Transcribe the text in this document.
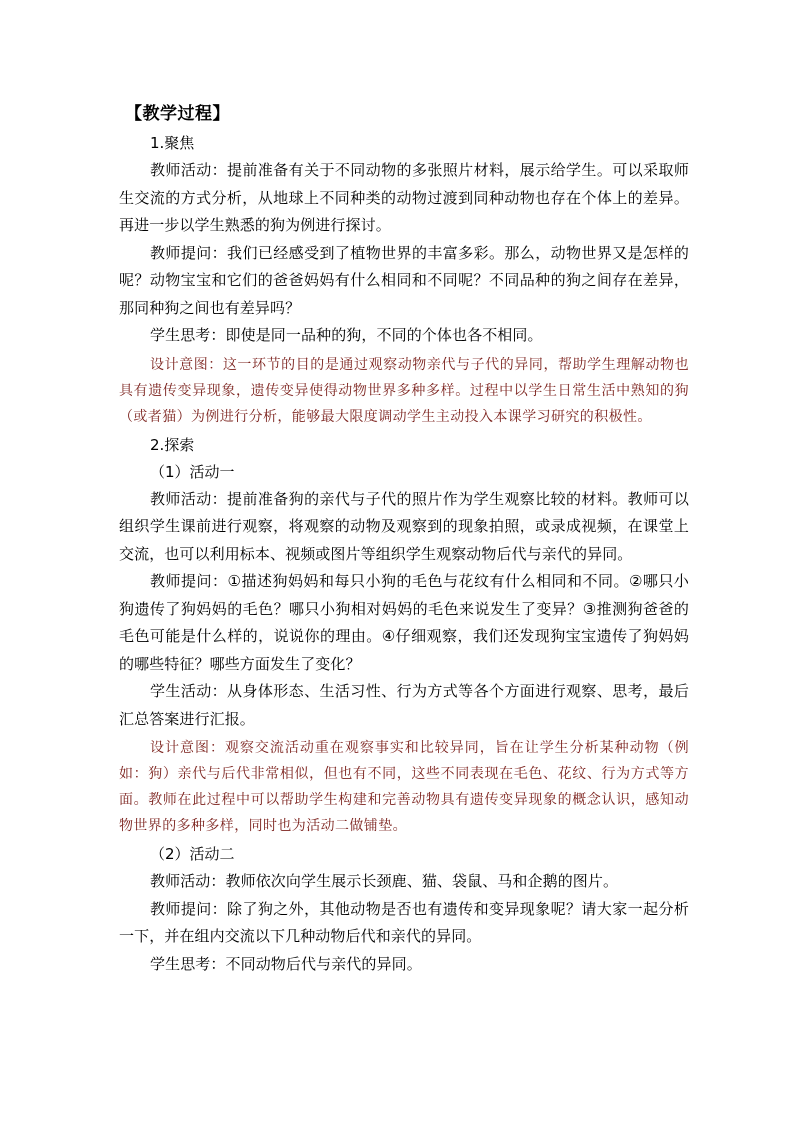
【教学过程】

1.聚焦

教师活动：提前准备有关于不同动物的多张照片材料，展示给学生。可以采取师生交流的方式分析，从地球上不同种类的动物过渡到同种动物也存在个体上的差异。再进一步以学生熟悉的狗为例进行探讨。

教师提问：我们已经感受到了植物世界的丰富多彩。那么，动物世界又是怎样的呢？动物宝宝和它们的爸爸妈妈有什么相同和不同呢？不同品种的狗之间存在差异，那同种狗之间也有差异吗？

学生思考：即使是同一品种的狗，不同的个体也各不相同。

设计意图：这一环节的目的是通过观察动物亲代与子代的异同，帮助学生理解动物也具有遗传变异现象，遗传变异使得动物世界多种多样。过程中以学生日常生活中熟知的狗（或者猫）为例进行分析，能够最大限度调动学生主动投入本课学习研究的积极性。

2.探索

（1）活动一

教师活动：提前准备狗的亲代与子代的照片作为学生观察比较的材料。教师可以组织学生课前进行观察，将观察的动物及观察到的现象拍照，或录成视频，在课堂上交流，也可以利用标本、视频或图片等组织学生观察动物后代与亲代的异同。

教师提问：①描述狗妈妈和每只小狗的毛色与花纹有什么相同和不同。②哪只小狗遗传了狗妈妈的毛色？哪只小狗相对妈妈的毛色来说发生了变异？③推测狗爸爸的毛色可能是什么样的，说说你的理由。④仔细观察，我们还发现狗宝宝遗传了狗妈妈的哪些特征？哪些方面发生了变化？

学生活动：从身体形态、生活习性、行为方式等各个方面进行观察、思考，最后汇总答案进行汇报。

设计意图：观察交流活动重在观察事实和比较异同，旨在让学生分析某种动物（例如：狗）亲代与后代非常相似，但也有不同，这些不同表现在毛色、花纹、行为方式等方面。教师在此过程中可以帮助学生构建和完善动物具有遗传变异现象的概念认识，感知动物世界的多种多样，同时也为活动二做铺垫。

（2）活动二

教师活动：教师依次向学生展示长颈鹿、猫、袋鼠、马和企鹅的图片。

教师提问：除了狗之外，其他动物是否也有遗传和变异现象呢？请大家一起分析一下，并在组内交流以下几种动物后代和亲代的异同。

学生思考：不同动物后代与亲代的异同。
